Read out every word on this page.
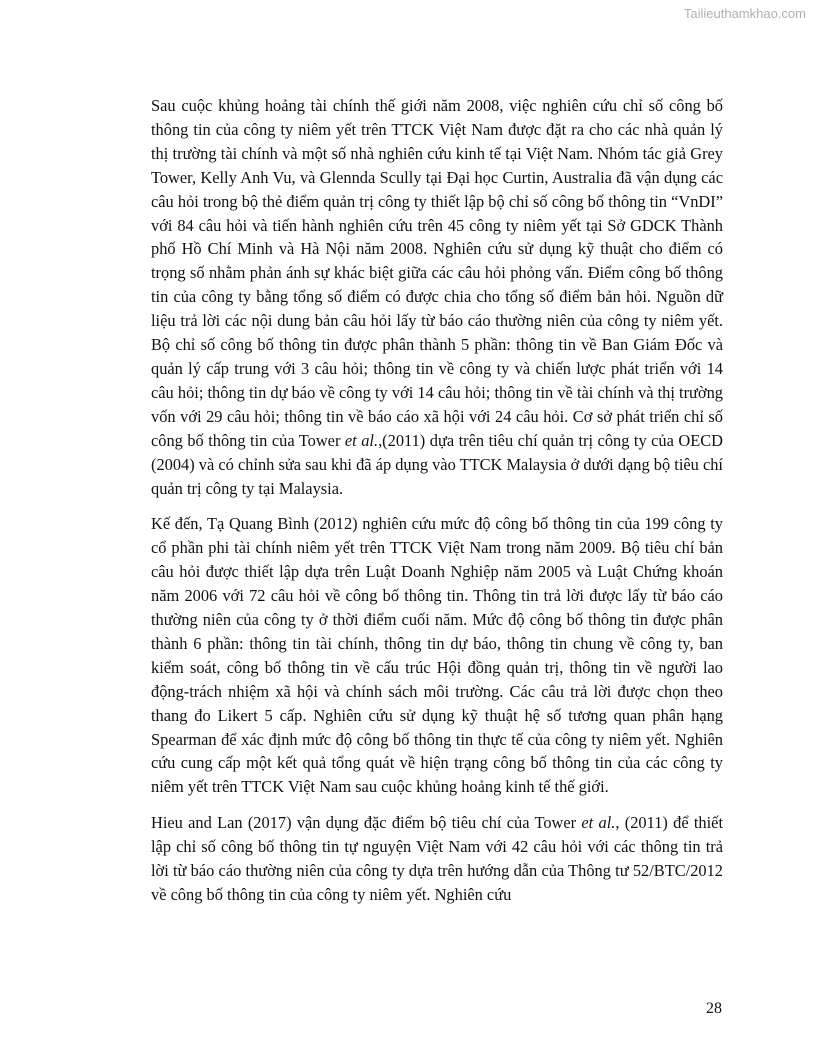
Tailieuthamkhao.com

Sau cuộc khủng hoảng tài chính thế giới năm 2008, việc nghiên cứu chỉ số công bố thông tin của công ty niêm yết trên TTCK Việt Nam được đặt ra cho các nhà quản lý thị trường tài chính và một số nhà nghiên cứu kinh tế tại Việt Nam. Nhóm tác giả Grey Tower, Kelly Anh Vu, và Glennda Scully tại Đại học Curtin, Australia đã vận dụng các câu hỏi trong bộ thẻ điểm quản trị công ty thiết lập bộ chỉ số công bố thông tin “VnDI” với 84 câu hỏi và tiến hành nghiên cứu trên 45 công ty niêm yết tại Sở GDCK Thành phố Hồ Chí Minh và Hà Nội năm 2008. Nghiên cứu sử dụng kỹ thuật cho điểm có trọng số nhằm phản ánh sự khác biệt giữa các câu hỏi phỏng vấn. Điểm công bố thông tin của công ty bằng tổng số điểm có được chia cho tổng số điểm bản hỏi. Nguồn dữ liệu trả lời các nội dung bản câu hỏi lấy từ báo cáo thường niên của công ty niêm yết. Bộ chỉ số công bố thông tin được phân thành 5 phần: thông tin về Ban Giám Đốc và quản lý cấp trung với 3 câu hỏi; thông tin về công ty và chiến lược phát triển với 14 câu hỏi; thông tin dự báo về công ty với 14 câu hỏi; thông tin về tài chính và thị trường vốn với 29 câu hỏi; thông tin về báo cáo xã hội với 24 câu hỏi. Cơ sở phát triển chỉ số công bố thông tin của Tower et al.,(2011) dựa trên tiêu chí quản trị công ty của OECD (2004) và có chỉnh sửa sau khi đã áp dụng vào TTCK Malaysia ở dưới dạng bộ tiêu chí quản trị công ty tại Malaysia.

Kế đến, Tạ Quang Bình (2012) nghiên cứu mức độ công bố thông tin của 199 công ty cổ phần phi tài chính niêm yết trên TTCK Việt Nam trong năm 2009. Bộ tiêu chí bản câu hỏi được thiết lập dựa trên Luật Doanh Nghiệp năm 2005 và Luật Chứng khoán năm 2006 với 72 câu hỏi về công bố thông tin. Thông tin trả lời được lấy từ báo cáo thường niên của công ty ở thời điểm cuối năm. Mức độ công bố thông tin được phân thành 6 phần: thông tin tài chính, thông tin dự báo, thông tin chung về công ty, ban kiểm soát, công bố thông tin về cấu trúc Hội đồng quản trị, thông tin về người lao động-trách nhiệm xã hội và chính sách môi trường. Các câu trả lời được chọn theo thang đo Likert 5 cấp. Nghiên cứu sử dụng kỹ thuật hệ số tương quan phân hạng Spearman để xác định mức độ công bố thông tin thực tế của công ty niêm yết. Nghiên cứu cung cấp một kết quả tổng quát về hiện trạng công bố thông tin của các công ty niêm yết trên TTCK Việt Nam sau cuộc khủng hoảng kinh tế thế giới.

Hieu and Lan (2017) vận dụng đặc điểm bộ tiêu chí của Tower et al., (2011) để thiết lập chỉ số công bố thông tin tự nguyện Việt Nam với 42 câu hỏi với các thông tin trả lời từ báo cáo thường niên của công ty dựa trên hướng dẫn của Thông tư 52/BTC/2012 về công bố thông tin của công ty niêm yết. Nghiên cứu

28
